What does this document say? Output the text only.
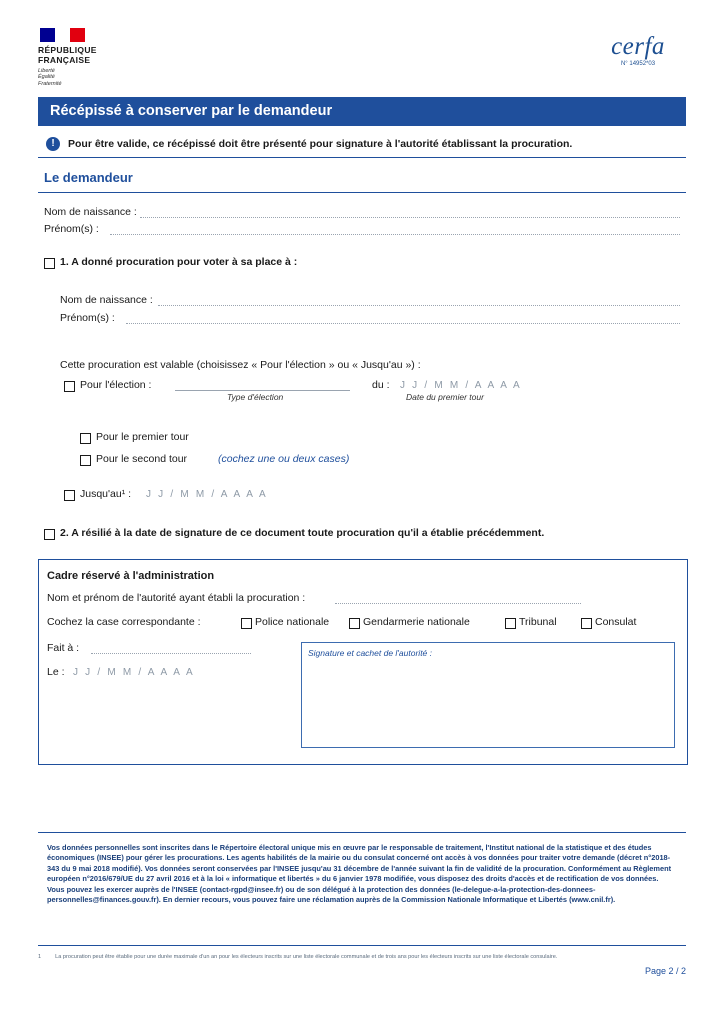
RÉPUBLIQUE
FRANÇAISE
Liberté
Égalité
Fraternité
cerfa
N° 14952*03
Récépissé à conserver par le demandeur
!	Pour être valide, ce récépissé doit être présenté pour signature à l'autorité établissant la procuration.
Le demandeur
Nom de naissance :
Prénom(s) :
1. A donné procuration pour voter à sa place à :
Nom de naissance :
Prénom(s) :
Cette procuration est valable (choisissez « Pour l'élection » ou « Jusqu'au ») :
Pour l'élection :
Type d'élection
du : J J / M M / A A A A
Date du premier tour
Pour le premier tour
Pour le second tour	(cochez une ou deux cases)
Jusqu'au¹ : J J / M M / A A A A
2. A résilié à la date de signature de ce document toute procuration qu'il a établie précédemment.
Cadre réservé à l'administration
Nom et prénom de l'autorité ayant établi la procuration :
Cochez la case correspondante :	Police nationale	Gendarmerie nationale	Tribunal	Consulat
Fait à :
Le : J J / M M / A A A A
Signature et cachet de l'autorité :
Vos données personnelles sont inscrites dans le Répertoire électoral unique mis en œuvre par le responsable de traitement, l'Institut national de la statistique et des études économiques (INSEE) pour gérer les procurations. Les agents habilités de la mairie ou du consulat concerné ont accès à vos données pour traiter votre demande (décret n°2018-343 du 9 mai 2018 modifié). Vos données seront conservées par l'INSEE jusqu'au 31 décembre de l'année suivant la fin de validité de la procuration. Conformément au Règlement européen n°2016/679/UE du 27 avril 2016 et à la loi « informatique et libertés » du 6 janvier 1978 modifiée, vous disposez des droits d'accès et de rectification de vos données. Vous pouvez les exercer auprès de l'INSEE (contact-rgpd@insee.fr) ou de son délégué à la protection des données (le-delegue-a-la-protection-des-donnees-personnelles@finances.gouv.fr). En dernier recours, vous pouvez faire une réclamation auprès de la Commission Nationale Informatique et Libertés (www.cnil.fr).
1	La procuration peut être établie pour une durée maximale d'un an pour les électeurs inscrits sur une liste électorale communale et de trois ans pour les électeurs inscrits sur une liste électorale consulaire.
Page 2 / 2
